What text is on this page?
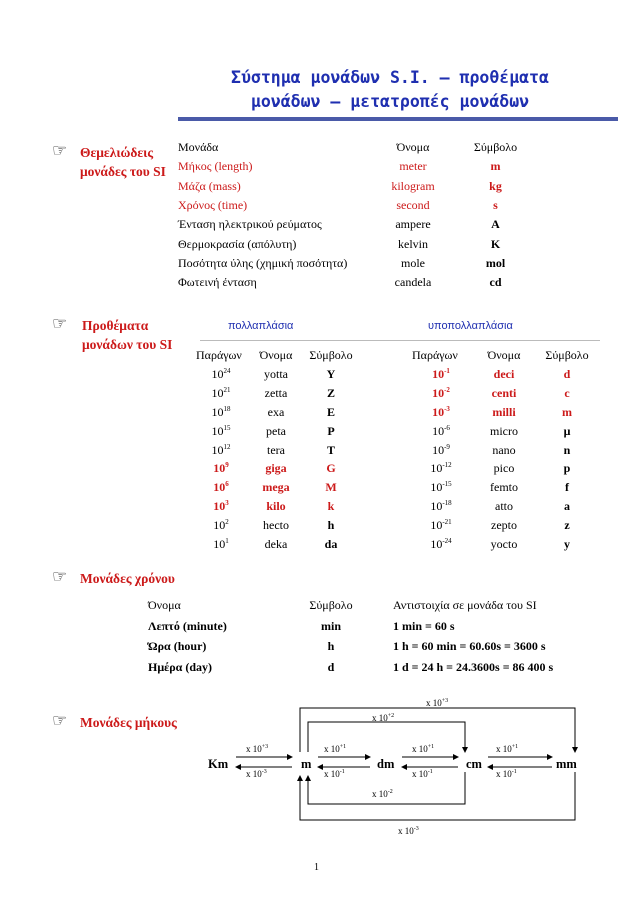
Σύστημα μονάδων S.I. – προθέματα
μονάδων – μετατροπές μονάδων
☞ Θεμελιώδεις μονάδες του SI
Μονάδα	Όνομα	Σύμβολο
Μήκος (length)	meter	m
Μάζα (mass)	kilogram	kg
Χρόνος (time)	second	s
Ένταση ηλεκτρικού ρεύματος	ampere	A
Θερμοκρασία (απόλυτη)	kelvin	K
Ποσότητα ύλης (χημική ποσότητα)	mole	mol
Φωτεινή ένταση	candela	cd
☞ Προθέματα μονάδων του SI
πολλαπλάσια	υποπολλαπλάσια
Παράγων	Όνομα	Σύμβολο
$10^{24}$	yotta	Y
$10^{21}$	zetta	Z
$10^{18}$	exa	E
$10^{15}$	peta	P
$10^{12}$	tera	T
$10^9$	giga	G
$10^6$	mega	M
$10^3$	kilo	k
$10^2$	hecto	h
$10^1$	deka	da
Παράγων	Όνομα	Σύμβολο
$10^{-1}$	deci	d
$10^{-2}$	centi	c
$10^{-3}$	milli	m
$10^{-6}$	micro	μ
$10^{-9}$	nano	n
$10^{-12}$	pico	p
$10^{-15}$	femto	f
$10^{-18}$	atto	a
$10^{-21}$	zepto	z
$10^{-24}$	yocto	y
☞ Μονάδες χρόνου
Όνομα	Σύμβολο	Αντιστοιχία σε μονάδα του SI
Λεπτό (minute)	min	1 min = 60 s
Ώρα (hour)	h	1 h = 60 min = 60.60s = 3600 s
Ημέρα (day)	d	1 d = 24 h = 24.3600s = 86 400 s
☞ Μονάδες μήκους
Km	m	dm	cm	mm
x $10^{+3}$
x $10^{+2}$
x $10^{+3}$
x $10^{-3}$
x $10^{+1}$
x $10^{-1}$
x $10^{+1}$
x $10^{-1}$
x $10^{+1}$
x $10^{-1}$
x $10^{-2}$
x $10^{-3}$
1
